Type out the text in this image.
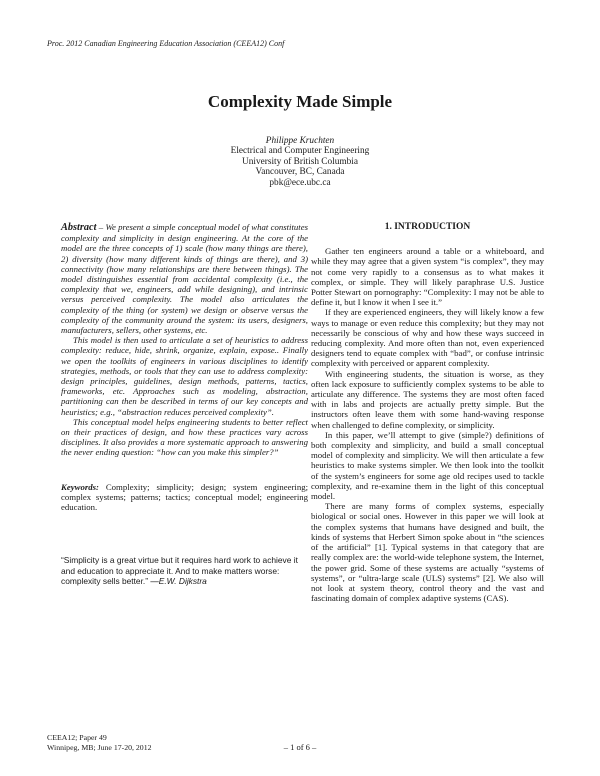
Proc. 2012 Canadian Engineering Education Association (CEEA12) Conf
Complexity Made Simple
Philippe Kruchten
Electrical and Computer Engineering
University of British Columbia
Vancouver, BC, Canada
pbk@ece.ubc.ca

Abstract – We present a simple conceptual model of what constitutes complexity and simplicity in design engineering. At the core of the model are the three concepts of 1) scale (how many things are there), 2) diversity (how many different kinds of things are there), and 3) connectivity (how many relationships are there between things). The model distinguishes essential from accidental complexity (i.e., the complexity that we, engineers, add while designing), and intrinsic versus perceived complexity. The model also articulates the complexity of the thing (or system) we design or observe versus the complexity of the community around the system: its users, designers, manufacturers, sellers, other systems, etc.

This model is then used to articulate a set of heuristics to address complexity: reduce, hide, shrink, organize, explain, expose.. Finally we open the toolkits of engineers in various disciplines to identify strategies, methods, or tools that they can use to address complexity: design principles, guidelines, design methods, patterns, tactics, frameworks, etc. Approaches such as modeling, abstraction, partitioning can then be described in terms of our key concepts and heuristics; e.g., “abstraction reduces perceived complexity”.

This conceptual model helps engineering students to better reflect on their practices of design, and how these practices vary across disciplines. It also provides a more systematic approach to answering the never ending question: “how can you make this simpler?”

Keywords: Complexity; simplicity; design; system engineering; complex systems; patterns; tactics; conceptual model; engineering education.
“Simplicity is a great virtue but it requires hard work to achieve it and education to appreciate it. And to make matters worse: complexity sells better.” —E.W. Dijkstra
1. INTRODUCTION

Gather ten engineers around a table or a whiteboard, and while they may agree that a given system “is complex”, they may not come very rapidly to a consensus as to what makes it complex, or simple. They will likely paraphrase U.S. Justice Potter Stewart on pornography: “Complexity: I may not be able to define it, but I know it when I see it.”

If they are experienced engineers, they will likely know a few ways to manage or even reduce this complexity; but they may not necessarily be conscious of why and how these ways succeed in reducing complexity. And more often than not, even experienced designers tend to equate complex with “bad”, or confuse intrinsic complexity with perceived or apparent complexity.

With engineering students, the situation is worse, as they often lack exposure to sufficiently complex systems to be able to articulate any difference. The systems they are most often faced with in labs and projects are actually pretty simple. But the instructors often leave them with some hand-waving response when challenged to define complexity, or simplicity.

In this paper, we’ll attempt to give (simple?) definitions of both complexity and simplicity, and build a small conceptual model of complexity and simplicity. We will then articulate a few heuristics to make systems simpler. We then look into the toolkit of the system’s engineers for some age old recipes used to tackle complexity, and re-examine them in the light of this conceptual model.

There are many forms of complex systems, especially biological or social ones. However in this paper we will look at the complex systems that humans have designed and built, the kinds of systems that Herbert Simon spoke about in “the sciences of the artificial” [1]. Typical systems in that category that are really complex are: the world-wide telephone system, the Internet, the power grid. Some of these systems are actually “systems of systems”, or “ultra-large scale (ULS) systems” [2]. We also will not look at system theory, control theory and the vast and fascinating domain of complex adaptive systems (CAS).

CEEA12; Paper 49
Winnipeg, MB; June 17-20, 2012	– 1 of 6 –
